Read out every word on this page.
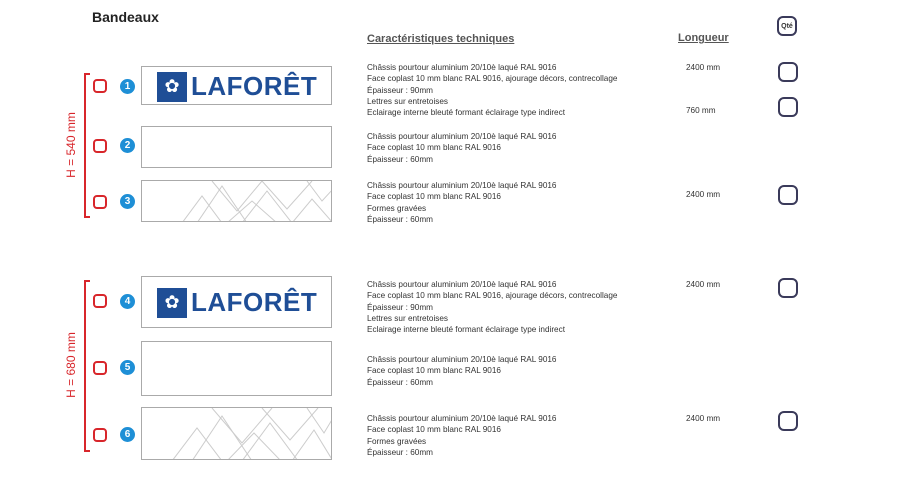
Bandeaux
Caractéristiques techniques	Longueur
Qté
H = 540 mm
H = 680 mm
1 ✿ LAFORÊT
Châssis pourtour aluminium 20/10è laqué RAL 9016
Face coplast 10 mm blanc RAL 9016, ajourage décors, contrecollage
Épaisseur : 90mm
Lettres sur entretoises
Eclairage interne bleuté formant éclairage type indirect
2400 mm
760 mm
2
Châssis pourtour aluminium 20/10è laqué RAL 9016
Face coplast 10 mm blanc RAL 9016
Épaisseur : 60mm
3
Châssis pourtour aluminium 20/10è laqué RAL 9016
Face coplast 10 mm blanc RAL 9016
Formes gravées
Épaisseur : 60mm
2400 mm
4 ✿ LAFORÊT
Châssis pourtour aluminium 20/10è laqué RAL 9016
Face coplast 10 mm blanc RAL 9016, ajourage décors, contrecollage
Épaisseur : 90mm
Lettres sur entretoises
Eclairage interne bleuté formant éclairage type indirect
2400 mm
5
Châssis pourtour aluminium 20/10è laqué RAL 9016
Face coplast 10 mm blanc RAL 9016
Épaisseur : 60mm
6
Châssis pourtour aluminium 20/10è laqué RAL 9016
Face coplast 10 mm blanc RAL 9016
Formes gravées
Épaisseur : 60mm
2400 mm
